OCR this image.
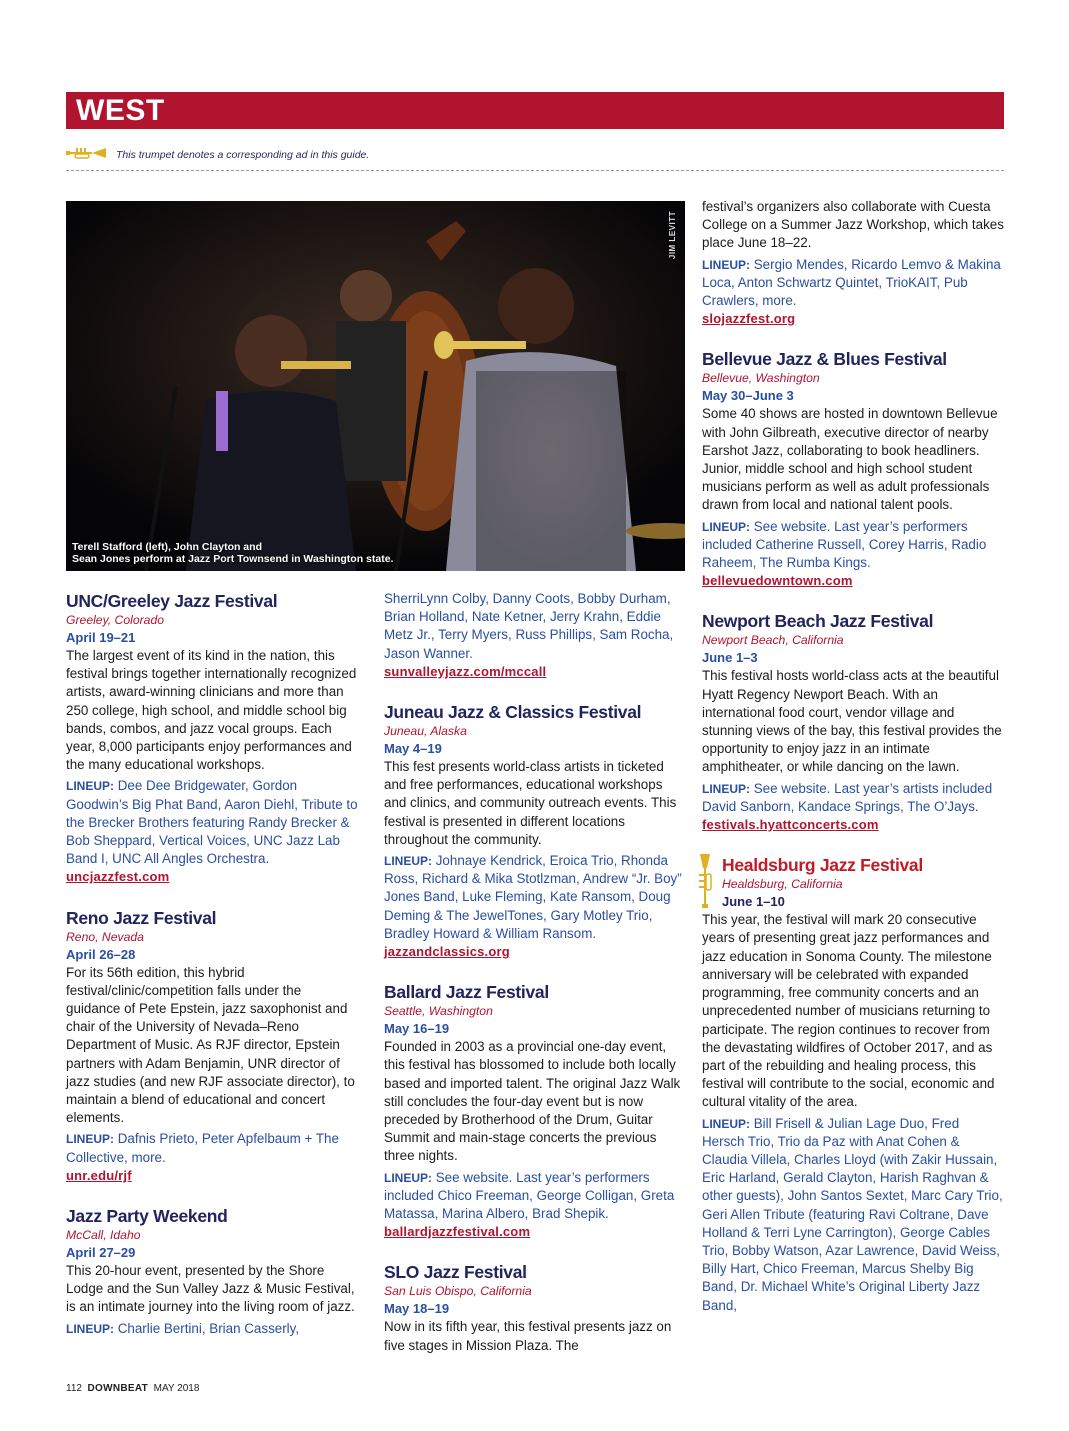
WEST
This trumpet denotes a corresponding ad in this guide.
JIM LEVITT
Terell Stafford (left), John Clayton and
Sean Jones perform at Jazz Port Townsend in Washington state.
UNC/Greeley Jazz Festival
Greeley, Colorado
April 19–21

The largest event of its kind in the nation, this festival brings together internationally recognized artists, award-winning clinicians and more than 250 college, high school, and middle school big bands, combos, and jazz vocal groups. Each year, 8,000 participants enjoy performances and the many educational workshops.

LINEUP: Dee Dee Bridgewater, Gordon Goodwin’s Big Phat Band, Aaron Diehl, Tribute to the Brecker Brothers featuring Randy Brecker & Bob Sheppard, Vertical Voices, UNC Jazz Lab Band I, UNC All Angles Orchestra.
uncjazzfest.com
Reno Jazz Festival
Reno, Nevada
April 26–28

For its 56th edition, this hybrid festival/clinic/competition falls under the guidance of Pete Epstein, jazz saxophonist and chair of the University of Nevada–Reno Department of Music. As RJF director, Epstein partners with Adam Benjamin, UNR director of jazz studies (and new RJF associate director), to maintain a blend of educational and concert elements.

LINEUP: Dafnis Prieto, Peter Apfelbaum + The Collective, more.
unr.edu/rjf
Jazz Party Weekend
McCall, Idaho
April 27–29

This 20-hour event, presented by the Shore Lodge and the Sun Valley Jazz & Music Festival, is an intimate journey into the living room of jazz.

LINEUP: Charlie Bertini, Brian Casserly,
SherriLynn Colby, Danny Coots, Bobby Durham, Brian Holland, Nate Ketner, Jerry Krahn, Eddie Metz Jr., Terry Myers, Russ Phillips, Sam Rocha, Jason Wanner.
sunvalleyjazz.com/mccall
Juneau Jazz & Classics Festival
Juneau, Alaska
May 4–19

This fest presents world-class artists in ticketed and free performances, educational workshops and clinics, and community outreach events. This festival is presented in different locations throughout the community.

LINEUP: Johnaye Kendrick, Eroica Trio, Rhonda Ross, Richard & Mika Stotlzman, Andrew “Jr. Boy” Jones Band, Luke Fleming, Kate Ransom, Doug Deming & The JewelTones, Gary Motley Trio, Bradley Howard & William Ransom.
jazzandclassics.org
Ballard Jazz Festival
Seattle, Washington
May 16–19

Founded in 2003 as a provincial one-day event, this festival has blossomed to include both locally based and imported talent. The original Jazz Walk still concludes the four-day event but is now preceded by Brotherhood of the Drum, Guitar Summit and main-stage concerts the previous three nights.

LINEUP: See website. Last year’s performers included Chico Freeman, George Colligan, Greta Matassa, Marina Albero, Brad Shepik.
ballardjazzfestival.com
SLO Jazz Festival
San Luis Obispo, California
May 18–19

Now in its fifth year, this festival presents jazz on five stages in Mission Plaza. The

festival’s organizers also collaborate with Cuesta College on a Summer Jazz Workshop, which takes place June 18–22.

LINEUP: Sergio Mendes, Ricardo Lemvo & Makina Loca, Anton Schwartz Quintet, TrioKAIT, Pub Crawlers, more.
slojazzfest.org
Bellevue Jazz & Blues Festival
Bellevue, Washington
May 30–June 3

Some 40 shows are hosted in downtown Bellevue with John Gilbreath, executive director of nearby Earshot Jazz, collaborating to book headliners. Junior, middle school and high school student musicians perform as well as adult professionals drawn from local and national talent pools.

LINEUP: See website. Last year’s performers included Catherine Russell, Corey Harris, Radio Raheem, The Rumba Kings.
bellevuedowntown.com
Newport Beach Jazz Festival
Newport Beach, California
June 1–3

This festival hosts world-class acts at the beautiful Hyatt Regency Newport Beach. With an international food court, vendor village and stunning views of the bay, this festival provides the opportunity to enjoy jazz in an intimate amphitheater, or while dancing on the lawn.

LINEUP: See website. Last year’s artists included David Sanborn, Kandace Springs, The O’Jays.
festivals.hyattconcerts.com
Healdsburg Jazz Festival
Healdsburg, California
June 1–10

This year, the festival will mark 20 consecutive years of presenting great jazz performances and jazz education in Sonoma County. The milestone anniversary will be celebrated with expanded programming, free community concerts and an unprecedented number of musicians returning to participate. The region continues to recover from the devastating wildfires of October 2017, and as part of the rebuilding and healing process, this festival will contribute to the social, economic and cultural vitality of the area.

LINEUP: Bill Frisell & Julian Lage Duo, Fred Hersch Trio, Trio da Paz with Anat Cohen & Claudia Villela, Charles Lloyd (with Zakir Hussain, Eric Harland, Gerald Clayton, Harish Raghvan & other guests), John Santos Sextet, Marc Cary Trio, Geri Allen Tribute (featuring Ravi Coltrane, Dave Holland & Terri Lyne Carrington), George Cables Trio, Bobby Watson, Azar Lawrence, David Weiss, Billy Hart, Chico Freeman, Marcus Shelby Big Band, Dr. Michael White’s Original Liberty Jazz Band,
112 DOWNBEAT MAY 2018
